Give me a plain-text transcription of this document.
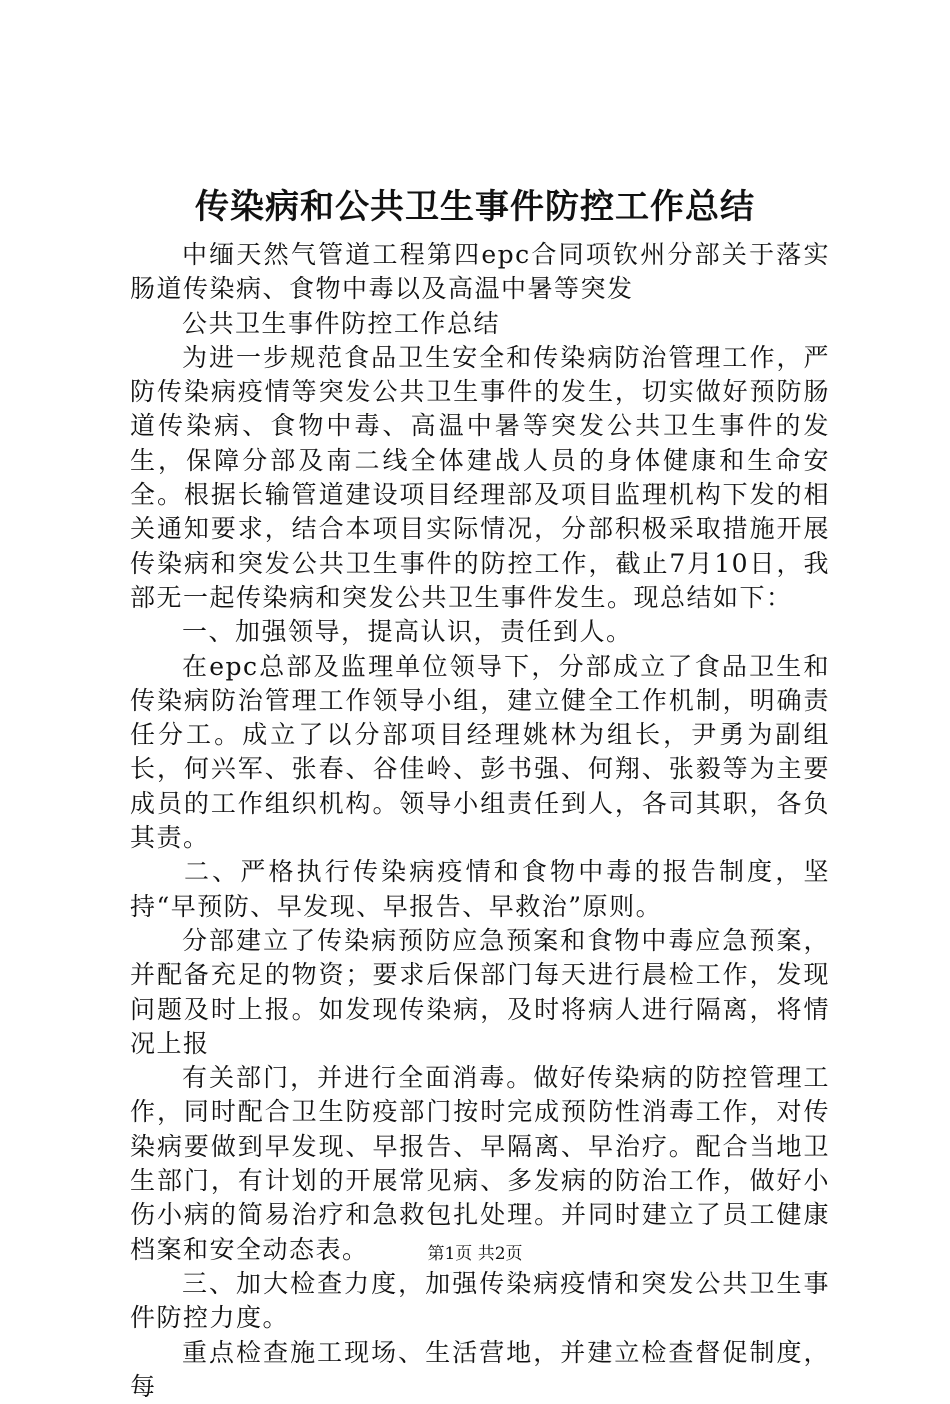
传染病和公共卫生事件防控工作总结

中缅天然气管道工程第四epc合同项钦州分部关于落实肠道传染病、食物中毒以及高温中暑等突发

公共卫生事件防控工作总结

为进一步规范食品卫生安全和传染病防治管理工作，严防传染病疫情等突发公共卫生事件的发生，切实做好预防肠道传染病、食物中毒、高温中暑等突发公共卫生事件的发生，保障分部及南二线全体建战人员的身体健康和生命安全。根据长输管道建设项目经理部及项目监理机构下发的相关通知要求，结合本项目实际情况，分部积极采取措施开展传染病和突发公共卫生事件的防控工作，截止7月10日，我部无一起传染病和突发公共卫生事件发生。现总结如下：

一、加强领导，提高认识，责任到人。

在epc总部及监理单位领导下，分部成立了食品卫生和传染病防治管理工作领导小组，建立健全工作机制，明确责任分工。成立了以分部项目经理姚林为组长，尹勇为副组长，何兴军、张春、谷佳岭、彭书强、何翔、张毅等为主要成员的工作组织机构。领导小组责任到人，各司其职，各负其责。

二、严格执行传染病疫情和食物中毒的报告制度，坚持“早预防、早发现、早报告、早救治”原则。

分部建立了传染病预防应急预案和食物中毒应急预案，并配备充足的物资；要求后保部门每天进行晨检工作，发现问题及时上报。如发现传染病，及时将病人进行隔离，将情况上报

有关部门，并进行全面消毒。做好传染病的防控管理工作，同时配合卫生防疫部门按时完成预防性消毒工作，对传染病要做到早发现、早报告、早隔离、早治疗。配合当地卫生部门，有计划的开展常见病、多发病的防治工作，做好小伤小病的简易治疗和急救包扎处理。并同时建立了员工健康档案和安全动态表。

三、加大检查力度，加强传染病疫情和突发公共卫生事件防控力度。

重点检查施工现场、生活营地，并建立检查督促制度，每

第1页 共2页
